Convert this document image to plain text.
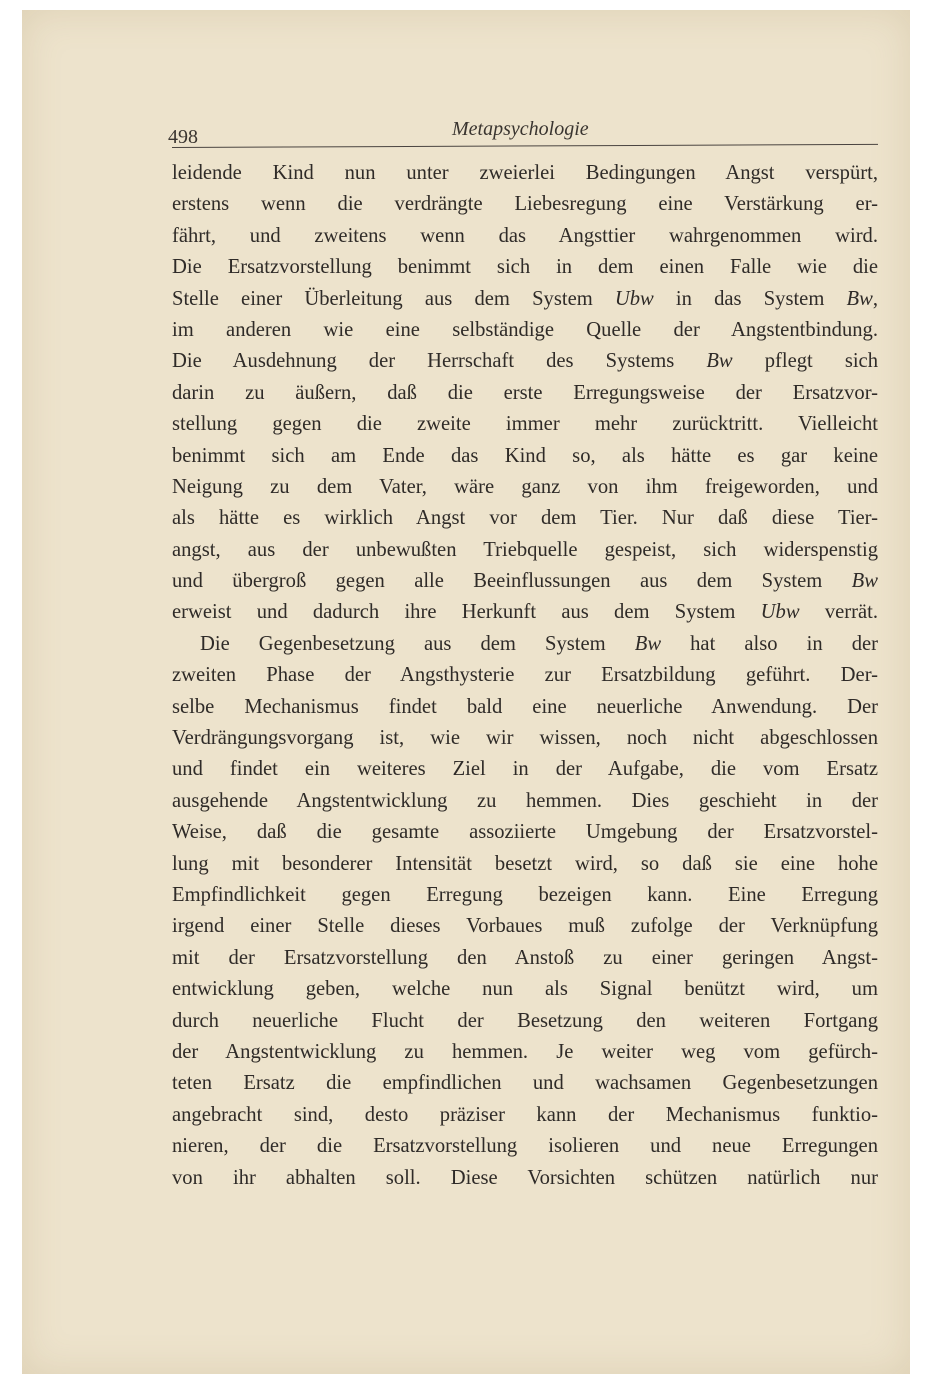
498	Metapsychologie
leidende Kind nun unter zweierlei Bedingungen Angst verspürt,
erstens wenn die verdrängte Liebesregung eine Verstärkung er-
fährt, und zweitens wenn das Angsttier wahrgenommen wird.
Die Ersatzvorstellung benimmt sich in dem einen Falle wie die
Stelle einer Überleitung aus dem System Ubw in das System Bw,
im anderen wie eine selbständige Quelle der Angstentbindung.
Die Ausdehnung der Herrschaft des Systems Bw pflegt sich
darin zu äußern, daß die erste Erregungsweise der Ersatzvor-
stellung gegen die zweite immer mehr zurücktritt. Vielleicht
benimmt sich am Ende das Kind so, als hätte es gar keine
Neigung zu dem Vater, wäre ganz von ihm freigeworden, und
als hätte es wirklich Angst vor dem Tier. Nur daß diese Tier-
angst, aus der unbewußten Triebquelle gespeist, sich widerspenstig
und übergroß gegen alle Beeinflussungen aus dem System Bw
erweist und dadurch ihre Herkunft aus dem System Ubw verrät.
Die Gegenbesetzung aus dem System Bw hat also in der
zweiten Phase der Angsthysterie zur Ersatzbildung geführt. Der-
selbe Mechanismus findet bald eine neuerliche Anwendung. Der
Verdrängungsvorgang ist, wie wir wissen, noch nicht abgeschlossen
und findet ein weiteres Ziel in der Aufgabe, die vom Ersatz
ausgehende Angstentwicklung zu hemmen. Dies geschieht in der
Weise, daß die gesamte assoziierte Umgebung der Ersatzvorstel-
lung mit besonderer Intensität besetzt wird, so daß sie eine hohe
Empfindlichkeit gegen Erregung bezeigen kann. Eine Erregung
irgend einer Stelle dieses Vorbaues muß zufolge der Verknüpfung
mit der Ersatzvorstellung den Anstoß zu einer geringen Angst-
entwicklung geben, welche nun als Signal benützt wird, um
durch neuerliche Flucht der Besetzung den weiteren Fortgang
der Angstentwicklung zu hemmen. Je weiter weg vom gefürch-
teten Ersatz die empfindlichen und wachsamen Gegenbesetzungen
angebracht sind, desto präziser kann der Mechanismus funktio-
nieren, der die Ersatzvorstellung isolieren und neue Erregungen
von ihr abhalten soll. Diese Vorsichten schützen natürlich nur
